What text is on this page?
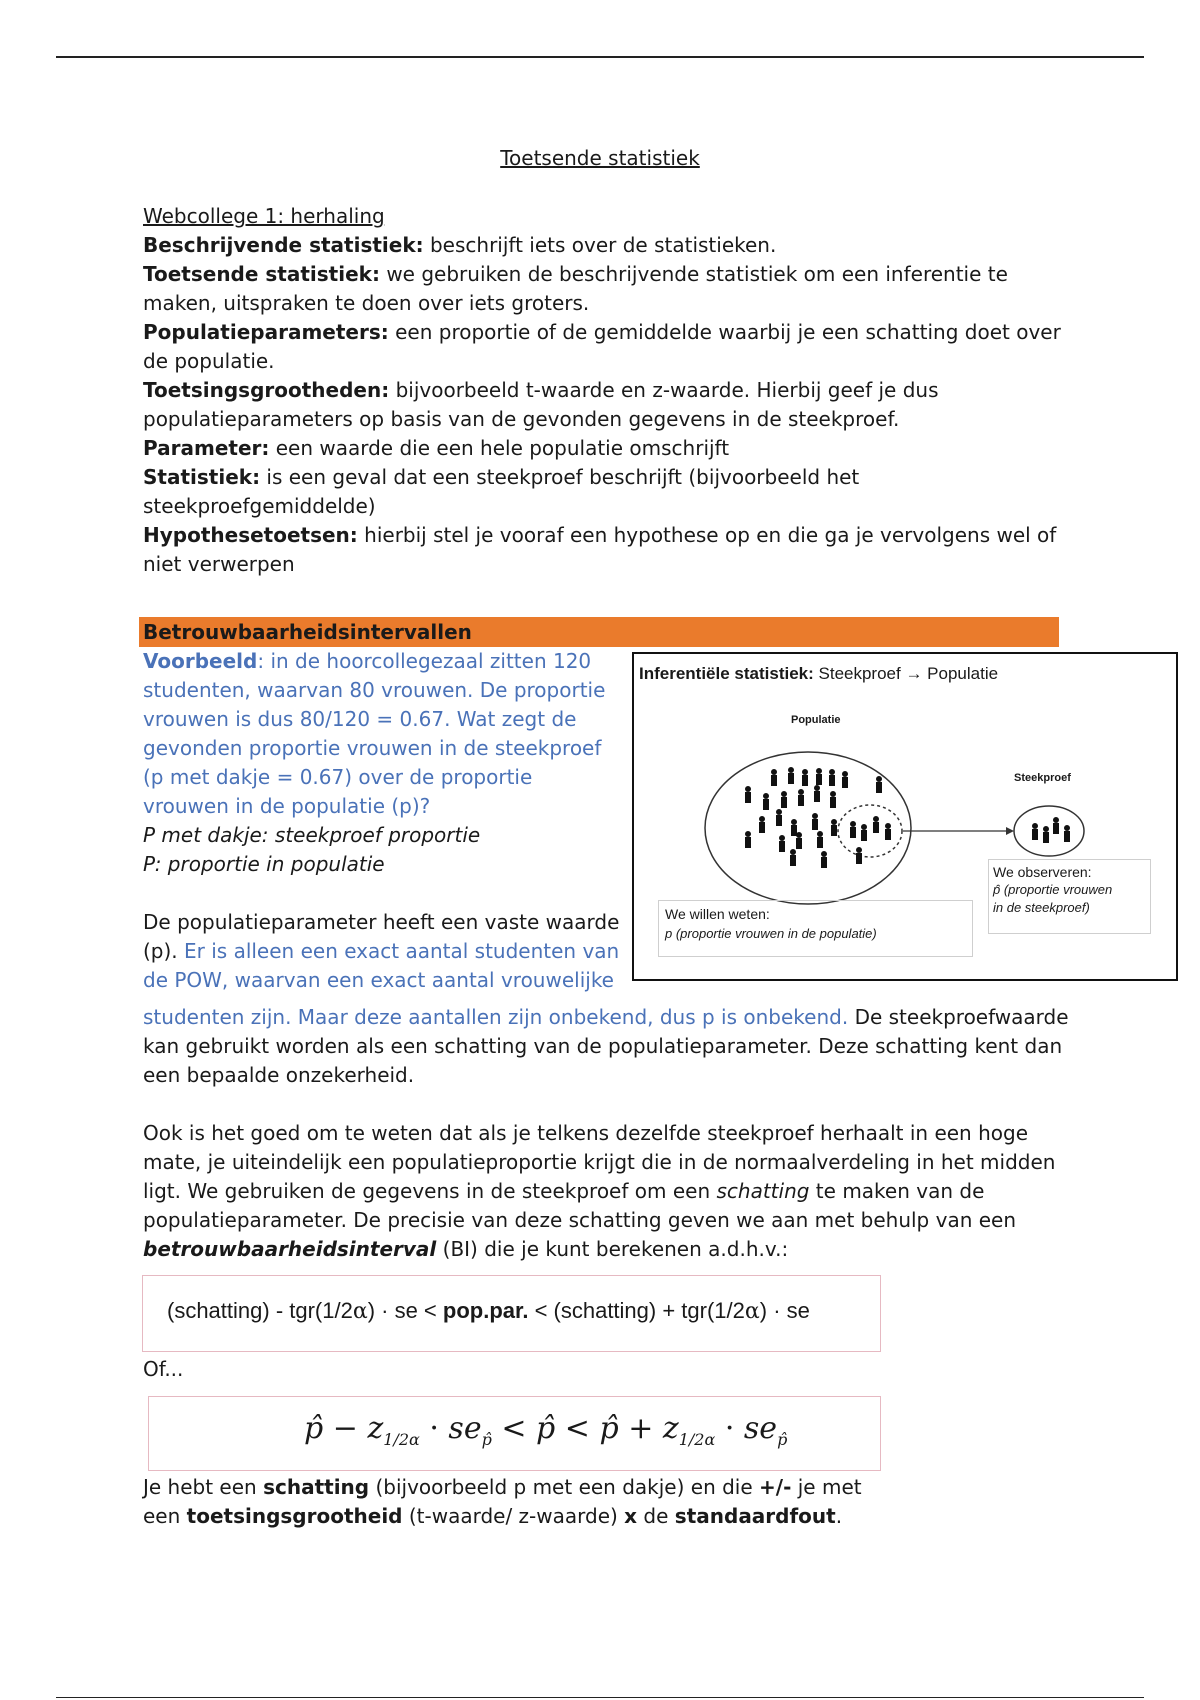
Toetsende statistiek
Webcollege 1: herhaling
Beschrijvende statistiek: beschrijft iets over de statistieken.
Toetsende statistiek: we gebruiken de beschrijvende statistiek om een inferentie te maken, uitspraken te doen over iets groters.
Populatieparameters: een proportie of de gemiddelde waarbij je een schatting doet over de populatie.
Toetsingsgrootheden: bijvoorbeeld t-waarde en z-waarde. Hierbij geef je dus populatieparameters op basis van de gevonden gegevens in de steekproef.
Parameter: een waarde die een hele populatie omschrijft
Statistiek: is een geval dat een steekproef beschrijft (bijvoorbeeld het steekproefgemiddelde)
Hypothesetoetsen: hierbij stel je vooraf een hypothese op en die ga je vervolgens wel of niet verwerpen
Betrouwbaarheidsintervallen
Voorbeeld: in de hoorcollegezaal zitten 120 studenten, waarvan 80 vrouwen. De proportie vrouwen is dus 80/120 = 0.67. Wat zegt de gevonden proportie vrouwen in de steekproef (p met dakje = 0.67) over de proportie vrouwen in de populatie (p)?
P met dakje: steekproef proportie
P: proportie in populatie
De populatieparameter heeft een vaste waarde (p). Er is alleen een exact aantal studenten van de POW, waarvan een exact aantal vrouwelijke
studenten zijn. Maar deze aantallen zijn onbekend, dus p is onbekend. De steekproefwaarde kan gebruikt worden als een schatting van de populatieparameter. Deze schatting kent dan een bepaalde onzekerheid.
Inferentiële statistiek: Steekproef → Populatie
Populatie
Steekproef
We observeren:
p̂ (proportie vrouwen
in de steekproef)
We willen weten:
p (proportie vrouwen in de populatie)
Ook is het goed om te weten dat als je telkens dezelfde steekproef herhaalt in een hoge mate, je uiteindelijk een populatieproportie krijgt die in de normaalverdeling in het midden ligt. We gebruiken de gegevens in de steekproef om een schatting te maken van de populatieparameter. De precisie van deze schatting geven we aan met behulp van een betrouwbaarheidsinterval (BI) die je kunt berekenen a.d.h.v.:
(schatting) - tgr(1/2α) · se < pop.par. < (schatting) + tgr(1/2α) · se
Of...
p̂ − $z_{1/2\alpha} \cdot se_{p̂}$ < p̂ < p̂ + $z_{1/2\alpha} \cdot se_{p̂}$
Je hebt een schatting (bijvoorbeeld p met een dakje) en die +/- je met een toetsingsgrootheid (t-waarde/ z-waarde) x de standaardfout.
